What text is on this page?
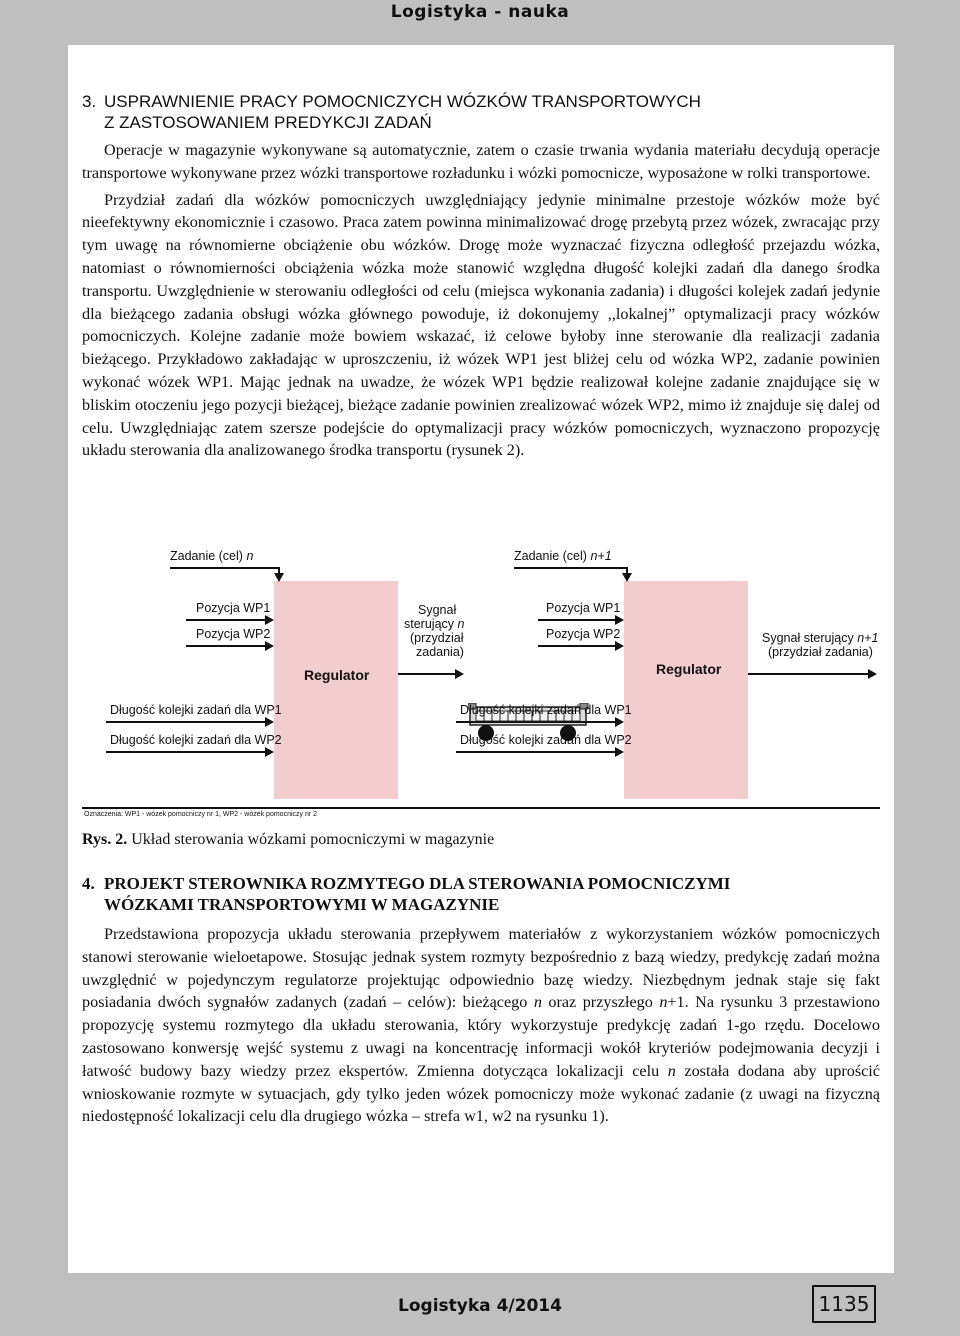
Logistyka - nauka
3. USPRAWNIENIE PRACY POMOCNICZYCH WÓZKÓW TRANSPORTOWYCH
Z ZASTOSOWANIEM PREDYKCJI ZADAŃ

Operacje w magazynie wykonywane są automatycznie, zatem o czasie trwania wydania materiału decydują operacje transportowe wykonywane przez wózki transportowe rozładunku i wózki pomocnicze, wyposażone w rolki transportowe.

Przydział zadań dla wózków pomocniczych uwzględniający jedynie minimalne przestoje wózków może być nieefektywny ekonomicznie i czasowo. Praca zatem powinna minimalizować drogę przebytą przez wózek, zwracając przy tym uwagę na równomierne obciążenie obu wózków. Drogę może wyznaczać fizyczna odległość przejazdu wózka, natomiast o równomierności obciążenia wózka może stanowić względna długość kolejki zadań dla danego środka transportu. Uwzględnienie w sterowaniu odległości od celu (miejsca wykonania zadania) i długości kolejek zadań jedynie dla bieżącego zadania obsługi wózka głównego powoduje, iż dokonujemy ,,lokalnej” optymalizacji pracy wózków pomocniczych. Kolejne zadanie może bowiem wskazać, iż celowe byłoby inne sterowanie dla realizacji zadania bieżącego. Przykładowo zakładając w uproszczeniu, iż wózek WP1 jest bliżej celu od wózka WP2, zadanie powinien wykonać wózek WP1. Mając jednak na uwadze, że wózek WP1 będzie realizował kolejne zadanie znajdujące się w bliskim otoczeniu jego pozycji bieżącej, bieżące zadanie powinien zrealizować wózek WP2, mimo iż znajduje się dalej od celu. Uwzględniając zatem szersze podejście do optymalizacji pracy wózków pomocniczych, wyznaczono propozycję układu sterowania dla analizowanego środka transportu (rysunek 2).

Regulator
Zadanie (cel) n
Pozycja WP1
Pozycja WP2
Długość kolejki zadań dla WP1
Długość kolejki zadań dla WP2
Sygnał
sterujący n
(przydział
zadania)
Regulator
Zadanie (cel) n+1
Pozycja WP1
Pozycja WP2
Długość kolejki zadań dla WP1
Długość kolejki zadań dla WP2
Sygnał sterujący n+1
(przydział zadania)
Oznaczenia: WP1 - wózek pomocniczy nr 1, WP2 - wózek pomocniczy nr 2
Rys. 2. Układ sterowania wózkami pomocniczymi w magazynie
4. PROJEKT STEROWNIKA ROZMYTEGO DLA STEROWANIA POMOCNICZYMI
WÓZKAMI TRANSPORTOWYMI W MAGAZYNIE

Przedstawiona propozycja układu sterowania przepływem materiałów z wykorzystaniem wózków pomocniczych stanowi sterowanie wieloetapowe. Stosując jednak system rozmyty bezpośrednio z bazą wiedzy, predykcję zadań można uwzględnić w pojedynczym regulatorze projektując odpowiednio bazę wiedzy. Niezbędnym jednak staje się fakt posiadania dwóch sygnałów zadanych (zadań – celów): bieżącego n oraz przyszłego n+1. Na rysunku 3 przestawiono propozycję systemu rozmytego dla układu sterowania, który wykorzystuje predykcję zadań 1-go rzędu. Docelowo zastosowano konwersję wejść systemu z uwagi na koncentrację informacji wokół kryteriów podejmowania decyzji i łatwość budowy bazy wiedzy przez ekspertów. Zmienna dotycząca lokalizacji celu n została dodana aby uprościć wnioskowanie rozmyte w sytuacjach, gdy tylko jeden wózek pomocniczy może wykonać zadanie (z uwagi na fizyczną niedostępność lokalizacji celu dla drugiego wózka – strefa w1, w2 na rysunku 1).

Logistyka 4/2014	1135
